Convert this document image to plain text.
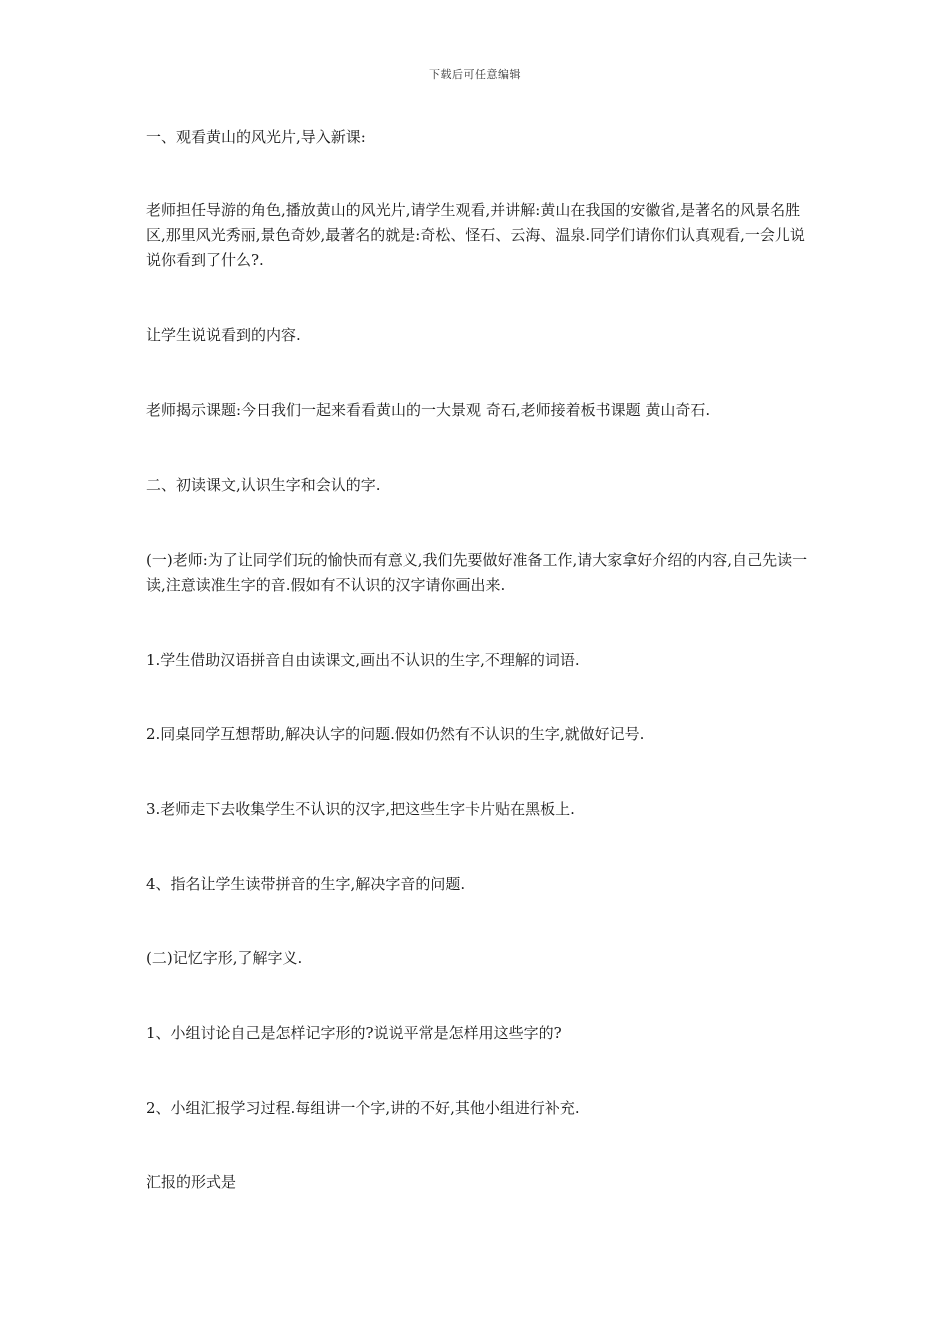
下载后可任意编辑

一、观看黄山的风光片,导入新课:

老师担任导游的角色,播放黄山的风光片,请学生观看,并讲解:黄山在我国的安徽省,是著名的风景名胜区,那里风光秀丽,景色奇妙,最著名的就是:奇松、怪石、云海、温泉.同学们请你们认真观看,一会儿说说你看到了什么?.

让学生说说看到的内容.

老师揭示课题:今日我们一起来看看黄山的一大景观 奇石,老师接着板书课题 黄山奇石.

二、初读课文,认识生字和会认的字.

(一)老师:为了让同学们玩的愉快而有意义,我们先要做好准备工作,请大家拿好介绍的内容,自己先读一读,注意读准生字的音.假如有不认识的汉字请你画出来.

1.学生借助汉语拼音自由读课文,画出不认识的生字,不理解的词语.

2.同桌同学互想帮助,解决认字的问题.假如仍然有不认识的生字,就做好记号.

3.老师走下去收集学生不认识的汉字,把这些生字卡片贴在黑板上.

4、指名让学生读带拼音的生字,解决字音的问题.

(二)记忆字形,了解字义.

1、小组讨论自己是怎样记字形的?说说平常是怎样用这些字的?

2、小组汇报学习过程.每组讲一个字,讲的不好,其他小组进行补充.

汇报的形式是
